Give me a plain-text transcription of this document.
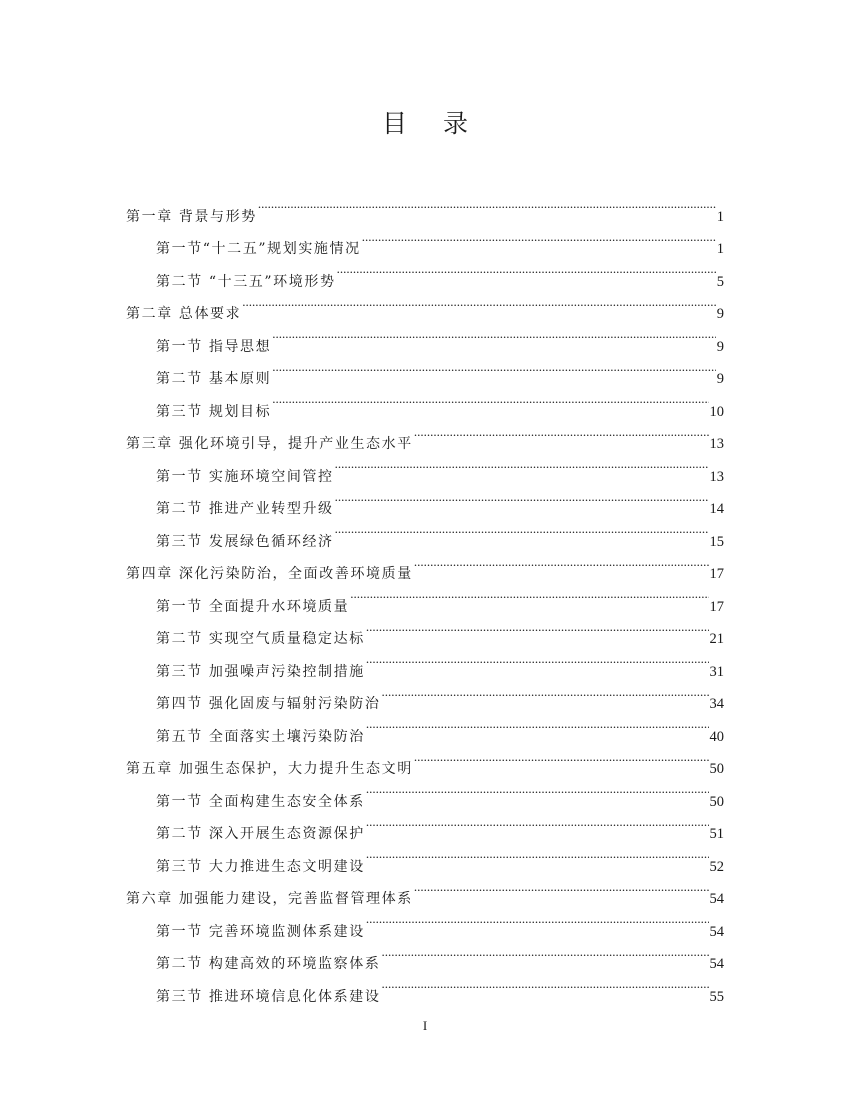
目 录
第一章 背景与形势 .....	1
第一节“十二五”规划实施情况 .....	1
第二节 “十三五”环境形势 .....	5
第二章 总体要求 .....	9
第一节 指导思想 .....	9
第二节 基本原则 .....	9
第三节 规划目标 .....	10
第三章 强化环境引导，提升产业生态水平 .....	13
第一节 实施环境空间管控 .....	13
第二节 推进产业转型升级 .....	14
第三节 发展绿色循环经济 .....	15
第四章 深化污染防治，全面改善环境质量 .....	17
第一节 全面提升水环境质量 .....	17
第二节 实现空气质量稳定达标 .....	21
第三节 加强噪声污染控制措施 .....	31
第四节 强化固废与辐射污染防治 .....	34
第五节 全面落实土壤污染防治 .....	40
第五章 加强生态保护，大力提升生态文明 .....	50
第一节 全面构建生态安全体系 .....	50
第二节 深入开展生态资源保护 .....	51
第三节 大力推进生态文明建设 .....	52
第六章 加强能力建设，完善监督管理体系 .....	54
第一节 完善环境监测体系建设 .....	54
第二节 构建高效的环境监察体系 .....	54
第三节 推进环境信息化体系建设 .....	55
I
